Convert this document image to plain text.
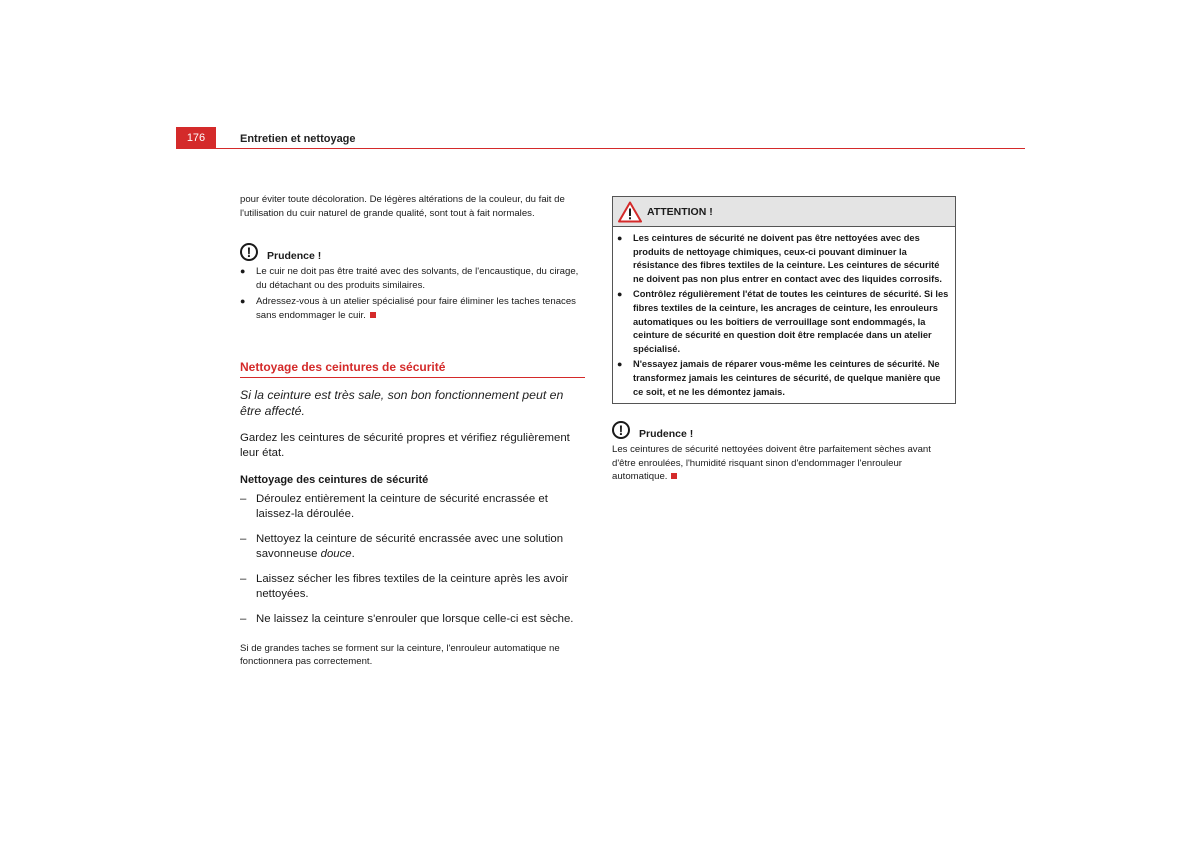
176	Entretien et nettoyage

pour éviter toute décoloration. De légères altérations de la couleur, du fait de l'utilisation du cuir naturel de grande qualité, sont tout à fait normales.

!	Prudence !
●	Le cuir ne doit pas être traité avec des solvants, de l'encaustique, du cirage, du détachant ou des produits similaires.
●	Adressez-vous à un atelier spécialisé pour faire éliminer les taches tenaces sans endommager le cuir.
Nettoyage des ceintures de sécurité

Si la ceinture est très sale, son bon fonctionnement peut en être affecté.

Gardez les ceintures de sécurité propres et vérifiez régulièrement leur état.

Nettoyage des ceintures de sécurité
– Déroulez entièrement la ceinture de sécurité encrassée et laissez-la déroulée.
– Nettoyez la ceinture de sécurité encrassée avec une solution savonneuse douce.
– Laissez sécher les fibres textiles de la ceinture après les avoir nettoyées.
– Ne laissez la ceinture s'enrouler que lorsque celle-ci est sèche.

Si de grandes taches se forment sur la ceinture, l'enrouleur automatique ne fonctionnera pas correctement.

ATTENTION !
●	Les ceintures de sécurité ne doivent pas être nettoyées avec des produits de nettoyage chimiques, ceux-ci pouvant diminuer la résistance des fibres textiles de la ceinture. Les ceintures de sécurité ne doivent pas non plus entrer en contact avec des liquides corrosifs.
●	Contrôlez régulièrement l'état de toutes les ceintures de sécurité. Si les fibres textiles de la ceinture, les ancrages de ceinture, les enrouleurs automatiques ou les boîtiers de verrouillage sont endommagés, la ceinture de sécurité en question doit être remplacée dans un atelier spécialisé.
●	N'essayez jamais de réparer vous-même les ceintures de sécurité. Ne transformez jamais les ceintures de sécurité, de quelque manière que ce soit, et ne les démontez jamais.
!	Prudence !

Les ceintures de sécurité nettoyées doivent être parfaitement sèches avant d'être enroulées, l'humidité risquant sinon d'endommager l'enrouleur automatique.
